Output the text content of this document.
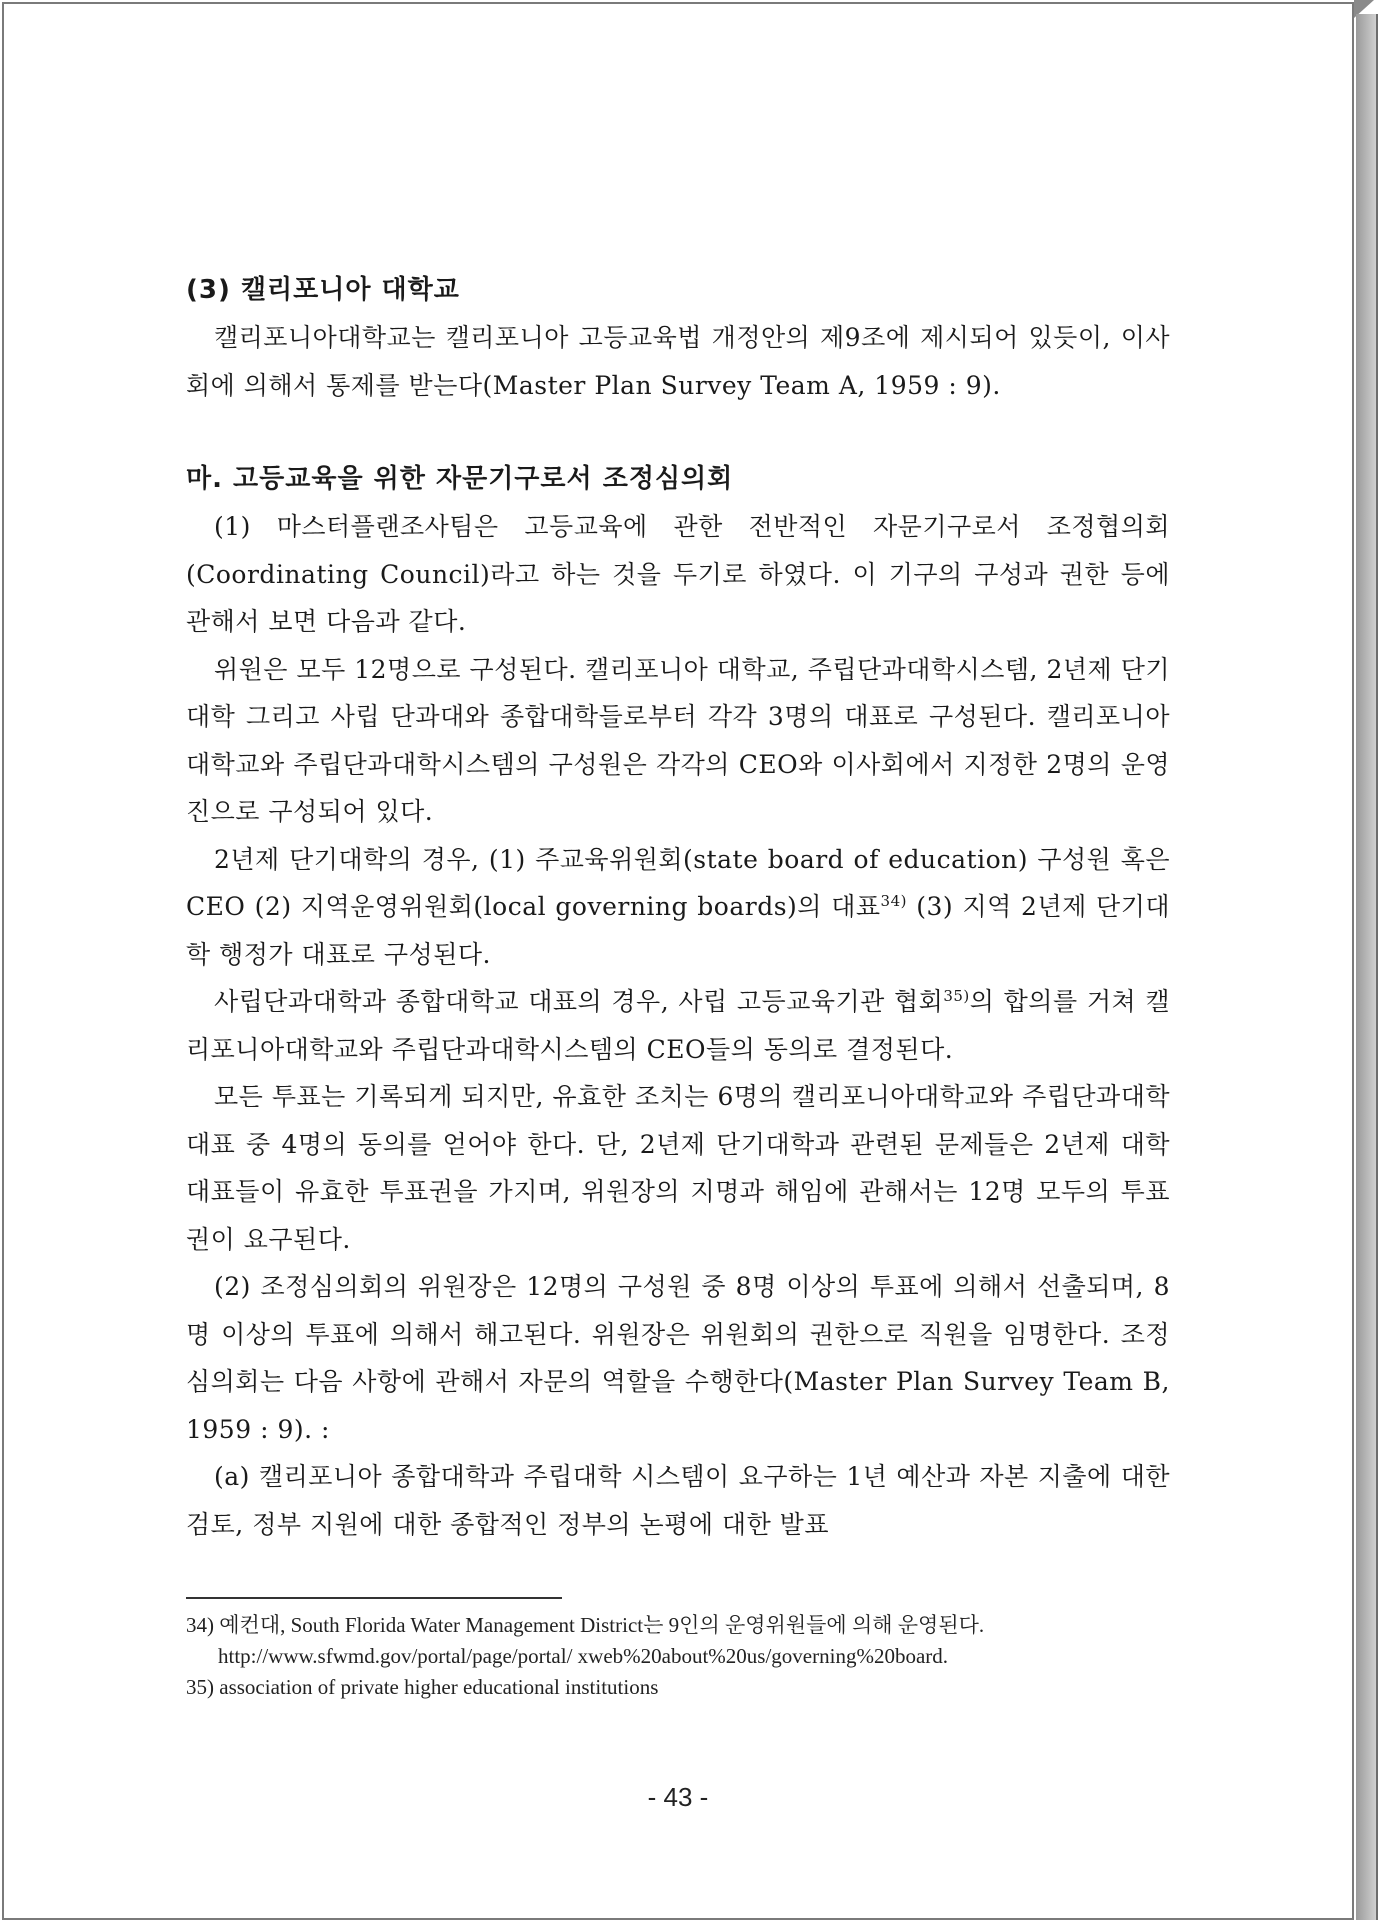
(3) 캘리포니아 대학교

캘리포니아대학교는 캘리포니아 고등교육법 개정안의 제9조에 제시되어 있듯이, 이사회에 의해서 통제를 받는다(Master Plan Survey Team A, 1959 : 9).

마. 고등교육을 위한 자문기구로서 조정심의회

(1) 마스터플랜조사팀은 고등교육에 관한 전반적인 자문기구로서 조정협의회(Coordinating Council)라고 하는 것을 두기로 하였다. 이 기구의 구성과 권한 등에 관해서 보면 다음과 같다.

위원은 모두 12명으로 구성된다. 캘리포니아 대학교, 주립단과대학시스템, 2년제 단기대학 그리고 사립 단과대와 종합대학들로부터 각각 3명의 대표로 구성된다. 캘리포니아 대학교와 주립단과대학시스템의 구성원은 각각의 CEO와 이사회에서 지정한 2명의 운영진으로 구성되어 있다.

2년제 단기대학의 경우, (1) 주교육위원회(state board of education) 구성원 혹은 CEO (2) 지역운영위원회(local governing boards)의 대표$^{34)}$ (3) 지역 2년제 단기대학 행정가 대표로 구성된다.

사립단과대학과 종합대학교 대표의 경우, 사립 고등교육기관 협회$^{35)}$의 합의를 거쳐 캘리포니아대학교와 주립단과대학시스템의 CEO들의 동의로 결정된다.

모든 투표는 기록되게 되지만, 유효한 조치는 6명의 캘리포니아대학교와 주립단과대학 대표 중 4명의 동의를 얻어야 한다. 단, 2년제 단기대학과 관련된 문제들은 2년제 대학 대표들이 유효한 투표권을 가지며, 위원장의 지명과 해임에 관해서는 12명 모두의 투표권이 요구된다.

(2) 조정심의회의 위원장은 12명의 구성원 중 8명 이상의 투표에 의해서 선출되며, 8명 이상의 투표에 의해서 해고된다. 위원장은 위원회의 권한으로 직원을 임명한다. 조정심의회는 다음 사항에 관해서 자문의 역할을 수행한다(Master Plan Survey Team B, 1959 : 9). :

(a) 캘리포니아 종합대학과 주립대학 시스템이 요구하는 1년 예산과 자본 지출에 대한 검토, 정부 지원에 대한 종합적인 정부의 논평에 대한 발표

34) 예컨대, South Florida Water Management District는 9인의 운영위원들에 의해 운영된다.

http://www.sfwmd.gov/portal/page/portal/ xweb%20about%20us/governing%20board.

35) association of private higher educational institutions

- 43 -
